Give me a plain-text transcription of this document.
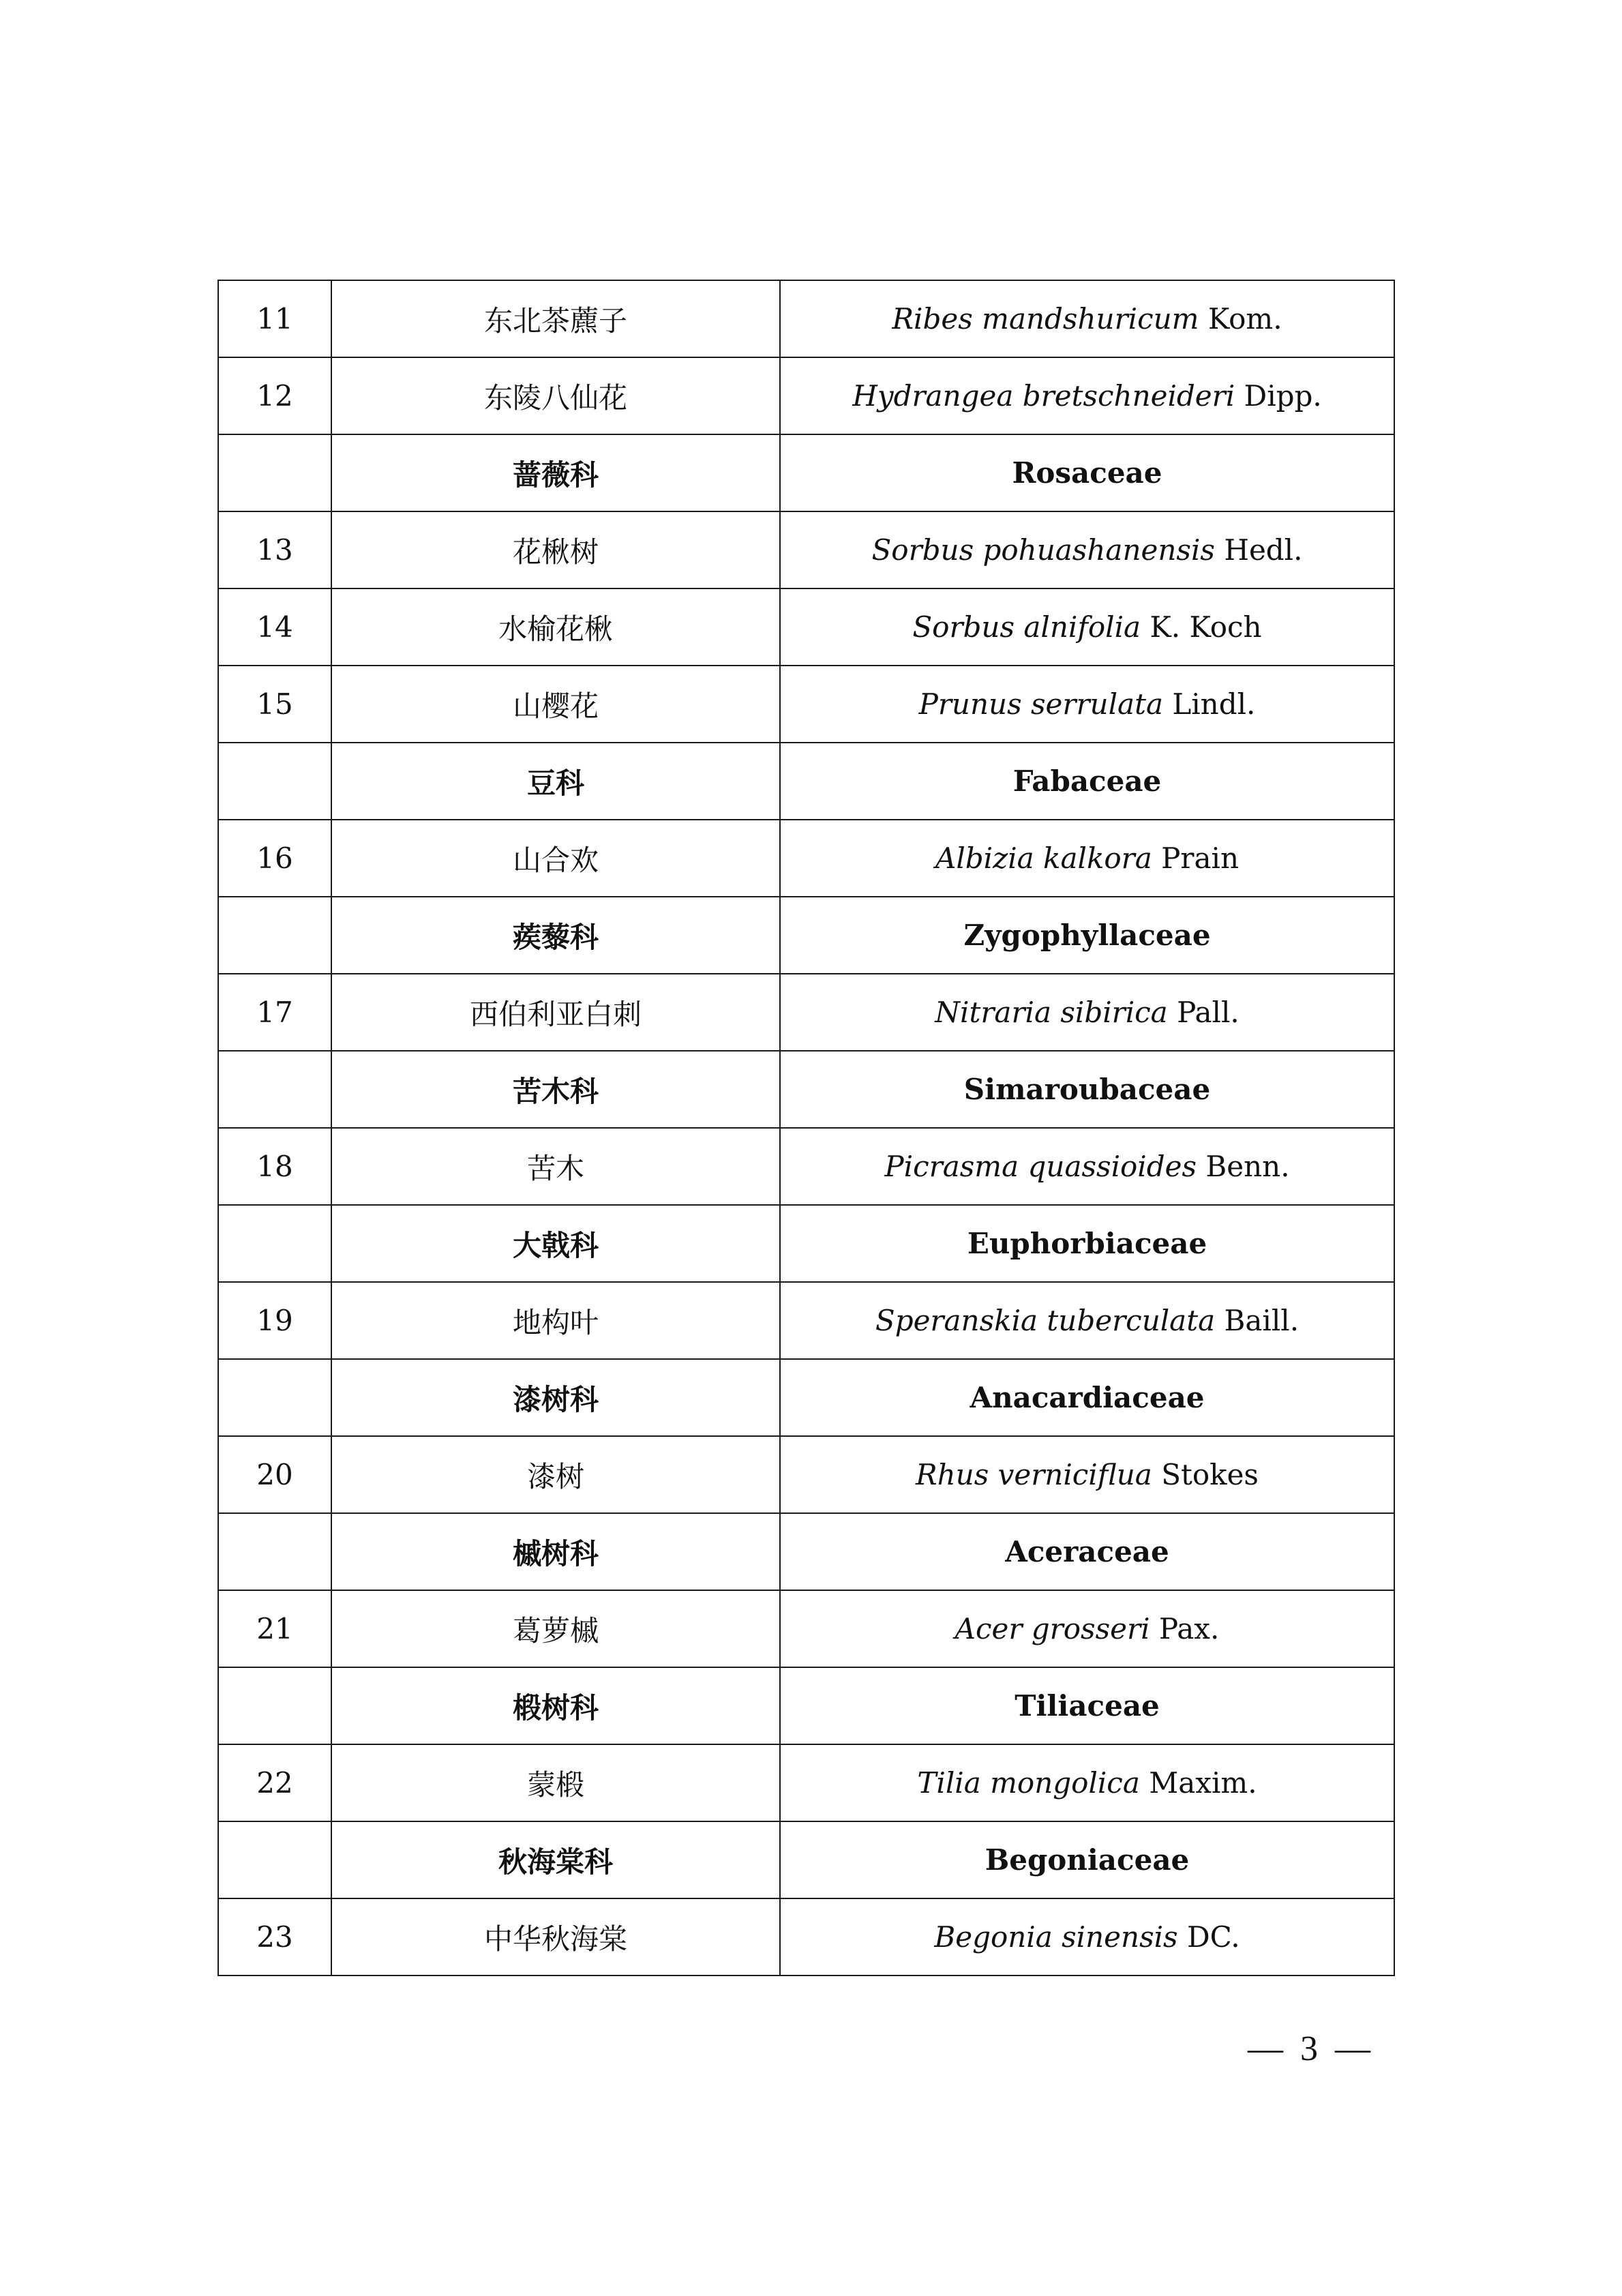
11	东北茶藨子	Ribes mandshuricum Kom.
12	东陵八仙花	Hydrangea bretschneideri Dipp.
	蔷薇科	Rosaceae
13	花楸树	Sorbus pohuashanensis Hedl.
14	水榆花楸	Sorbus alnifolia K. Koch
15	山樱花	Prunus serrulata Lindl.
	豆科	Fabaceae
16	山合欢	Albizia kalkora Prain
	蒺藜科	Zygophyllaceae
17	西伯利亚白刺	Nitraria sibirica Pall.
	苦木科	Simaroubaceae
18	苦木	Picrasma quassioides Benn.
	大戟科	Euphorbiaceae
19	地构叶	Speranskia tuberculata Baill.
	漆树科	Anacardiaceae
20	漆树	Rhus verniciflua Stokes
	槭树科	Aceraceae
21	葛萝槭	Acer grosseri Pax.
	椴树科	Tiliaceae
22	蒙椴	Tilia mongolica Maxim.
	秋海棠科	Begoniaceae
23	中华秋海棠	Begonia sinensis DC.
— 3 —
